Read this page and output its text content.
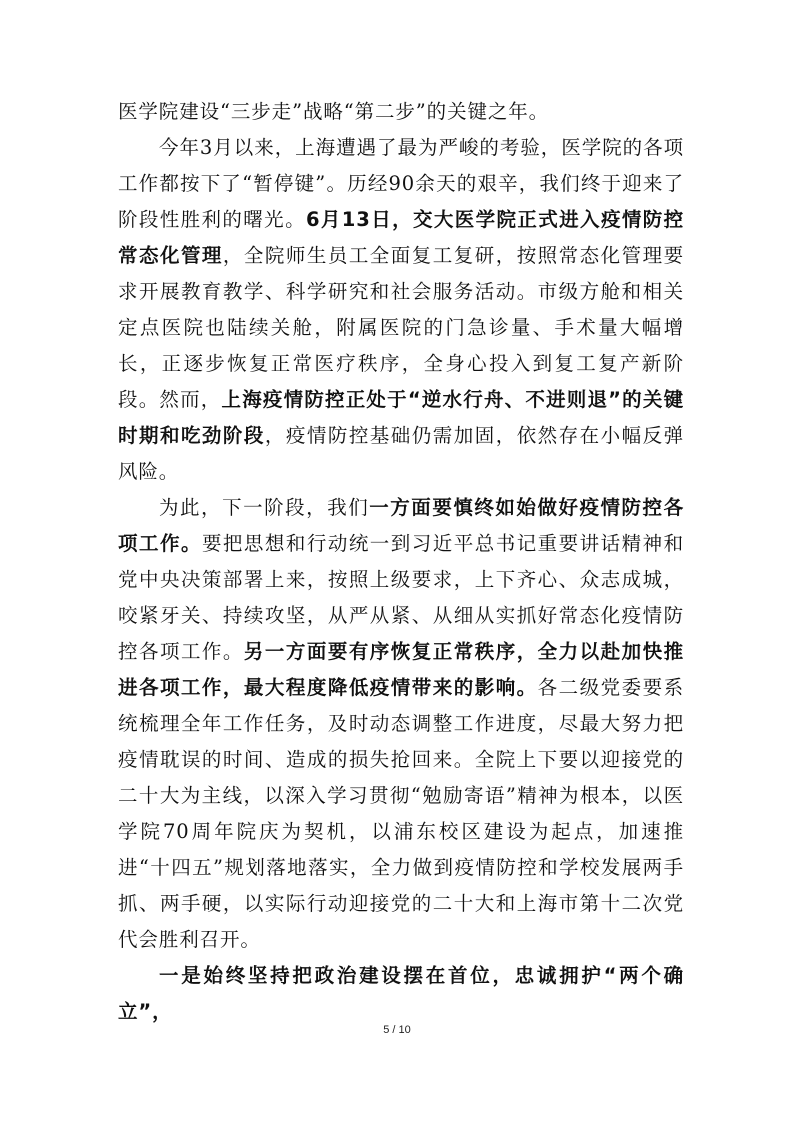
医学院建设“三步走”战略“第二步”的关键之年。

今年3月以来，上海遭遇了最为严峻的考验，医学院的各项工作都按下了“暂停键”。历经90余天的艰辛，我们终于迎来了阶段性胜利的曙光。6月13日，交大医学院正式进入疫情防控常态化管理，全院师生员工全面复工复研，按照常态化管理要求开展教育教学、科学研究和社会服务活动。市级方舱和相关定点医院也陆续关舱，附属医院的门急诊量、手术量大幅增长，正逐步恢复正常医疗秩序，全身心投入到复工复产新阶段。然而，上海疫情防控正处于“逆水行舟、不进则退”的关键时期和吃劲阶段，疫情防控基础仍需加固，依然存在小幅反弹风险。

为此，下一阶段，我们一方面要慎终如始做好疫情防控各项工作。要把思想和行动统一到习近平总书记重要讲话精神和党中央决策部署上来，按照上级要求，上下齐心、众志成城，咬紧牙关、持续攻坚，从严从紧、从细从实抓好常态化疫情防控各项工作。另一方面要有序恢复正常秩序，全力以赴加快推进各项工作，最大程度降低疫情带来的影响。各二级党委要系统梳理全年工作任务，及时动态调整工作进度，尽最大努力把疫情耽误的时间、造成的损失抢回来。全院上下要以迎接党的二十大为主线，以深入学习贯彻“勉励寄语”精神为根本，以医学院70周年院庆为契机，以浦东校区建设为起点，加速推进“十四五”规划落地落实，全力做到疫情防控和学校发展两手抓、两手硬，以实际行动迎接党的二十大和上海市第十二次党代会胜利召开。

一是始终坚持把政治建设摆在首位，忠诚拥护“两个确立”，

5 / 10
